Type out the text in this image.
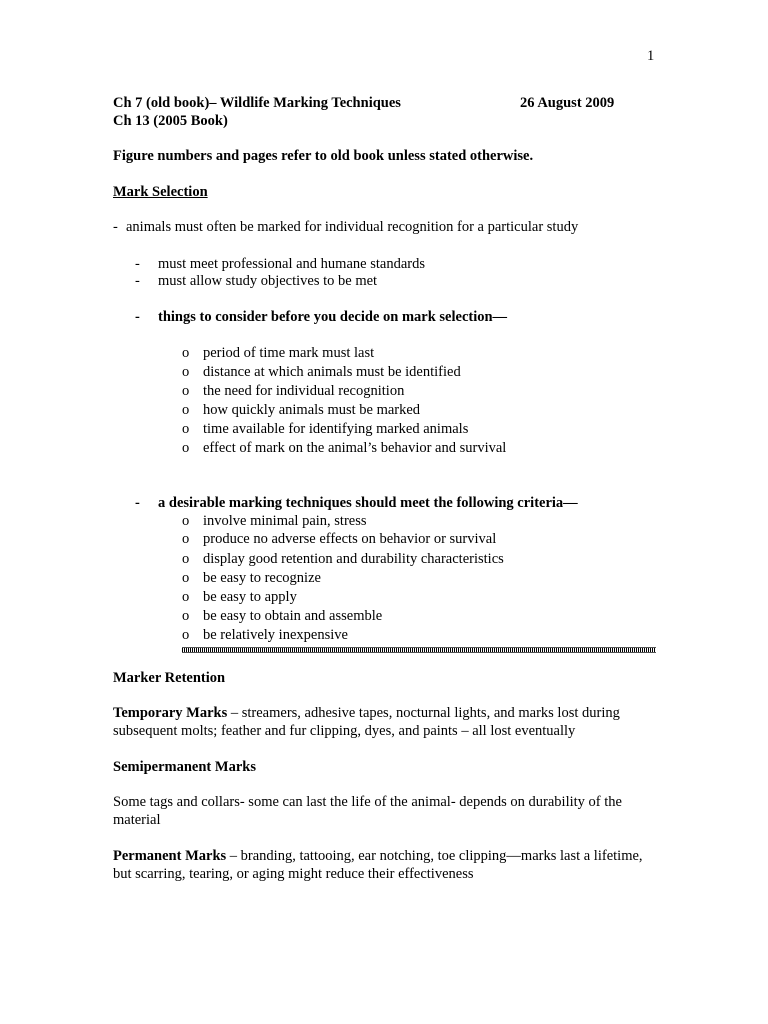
1
Ch 7 (old book)– Wildlife Marking Techniques	26 August 2009
Ch 13 (2005 Book)
Figure numbers and pages refer to old book unless stated otherwise.
Mark Selection
- animals must often be marked for individual recognition for a particular study
- must meet professional and humane standards
- must allow study objectives to be met
- things to consider before you decide on mark selection—
o period of time mark must last
o distance at which animals must be identified
o the need for individual recognition
o how quickly animals must be marked
o time available for identifying marked animals
o effect of mark on the animal’s behavior and survival
- a desirable marking techniques should meet the following criteria—
o involve minimal pain, stress
o produce no adverse effects on behavior or survival
o display good retention and durability characteristics
o be easy to recognize
o be easy to apply
o be easy to obtain and assemble
o be relatively inexpensive
Marker Retention
Temporary Marks – streamers, adhesive tapes, nocturnal lights, and marks lost during subsequent molts; feather and fur clipping, dyes, and paints – all lost eventually
Semipermanent Marks
Some tags and collars- some can last the life of the animal- depends on durability of the material
Permanent Marks – branding, tattooing, ear notching, toe clipping—marks last a lifetime, but scarring, tearing, or aging might reduce their effectiveness
